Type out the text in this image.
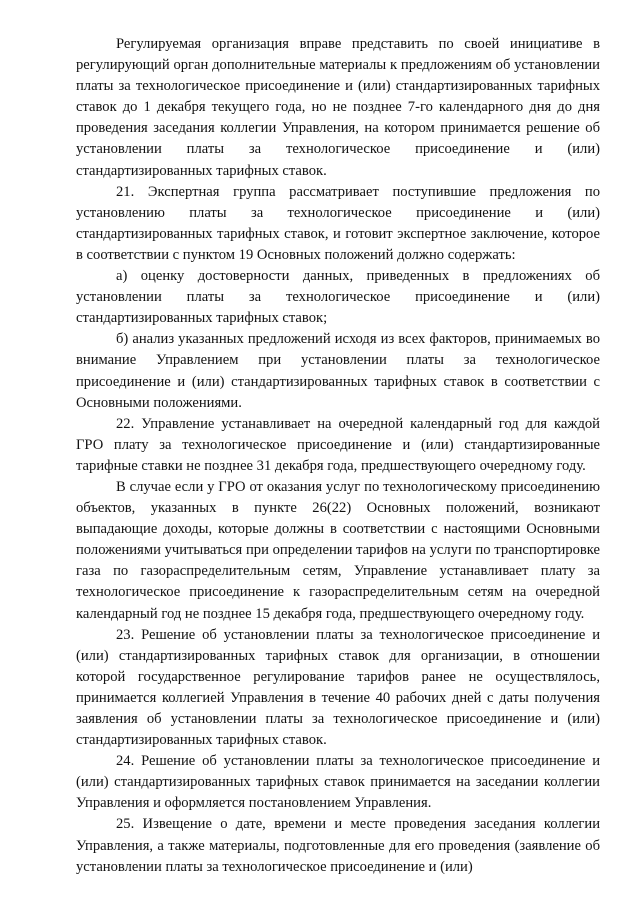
Регулируемая организация вправе представить по своей инициативе в регулирующий орган дополнительные материалы к предложениям об установлении платы за технологическое присоединение и (или) стандартизированных тарифных ставок до 1 декабря текущего года, но не позднее 7-го календарного дня до дня проведения заседания коллегии Управления, на котором принимается решение об установлении платы за технологическое присоединение и (или) стандартизированных тарифных ставок.

21. Экспертная группа рассматривает поступившие предложения по установлению платы за технологическое присоединение и (или) стандартизированных тарифных ставок, и готовит экспертное заключение, которое в соответствии с пунктом 19 Основных положений должно содержать:

а) оценку достоверности данных, приведенных в предложениях об установлении платы за технологическое присоединение и (или) стандартизированных тарифных ставок;

б) анализ указанных предложений исходя из всех факторов, принимаемых во внимание Управлением при установлении платы за технологическое присоединение и (или) стандартизированных тарифных ставок в соответствии с Основными положениями.

22. Управление устанавливает на очередной календарный год для каждой ГРО плату за технологическое присоединение и (или) стандартизированные тарифные ставки не позднее 31 декабря года, предшествующего очередному году.

В случае если у ГРО от оказания услуг по технологическому присоединению объектов, указанных в пункте 26(22) Основных положений, возникают выпадающие доходы, которые должны в соответствии с настоящими Основными положениями учитываться при определении тарифов на услуги по транспортировке газа по газораспределительным сетям, Управление устанавливает плату за технологическое присоединение к газораспределительным сетям на очередной календарный год не позднее 15 декабря года, предшествующего очередному году.

23. Решение об установлении платы за технологическое присоединение и (или) стандартизированных тарифных ставок для организации, в отношении которой государственное регулирование тарифов ранее не осуществлялось, принимается коллегией Управления в течение 40 рабочих дней с даты получения заявления об установлении платы за технологическое присоединение и (или) стандартизированных тарифных ставок.

24. Решение об установлении платы за технологическое присоединение и (или) стандартизированных тарифных ставок принимается на заседании коллегии Управления и оформляется постановлением Управления.

25. Извещение о дате, времени и месте проведения заседания коллегии Управления, а также материалы, подготовленные для его проведения (заявление об установлении платы за технологическое присоединение и (или)
